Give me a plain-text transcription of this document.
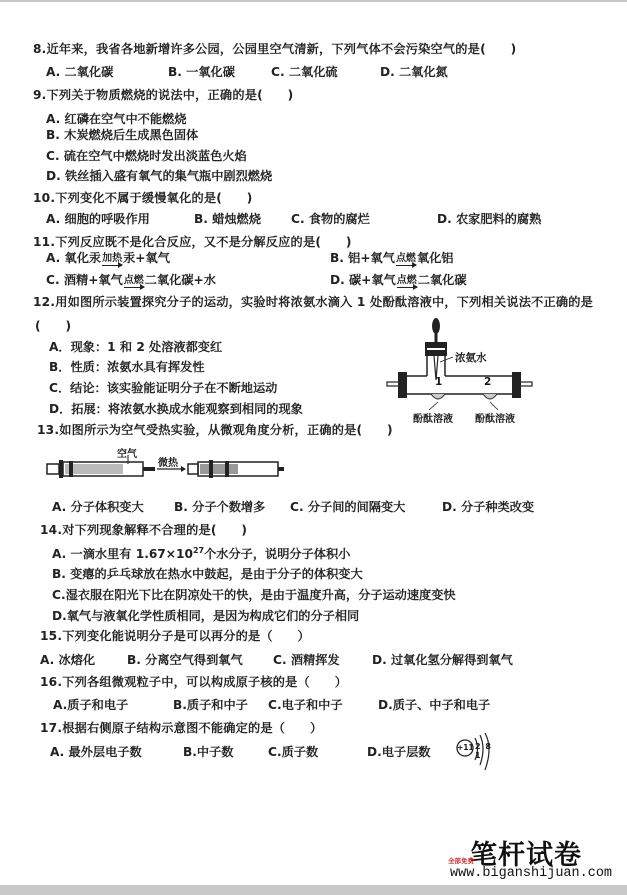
8.近年来，我省各地新增许多公园，公园里空气清新，下列气体不会污染空气的是(　　)
A. 二氧化碳	B. 一氧化碳	C. 二氧化硫	D. 二氧化氮
9.下列关于物质燃烧的说法中，正确的是(　　)
A. 红磷在空气中不能燃烧
B. 木炭燃烧后生成黑色固体
C. 硫在空气中燃烧时发出淡蓝色火焰
D. 铁丝插入盛有氧气的集气瓶中剧烈燃烧
10.下列变化不属于缓慢氧化的是(　　)
A. 细胞的呼吸作用	B. 蜡烛燃烧 C. 食物的腐烂	D. 农家肥料的腐熟
11.下列反应既不是化合反应，又不是分解反应的是(　　)
A. 氧化汞 加热 汞+氧气	B. 铝+氧气 点燃 氧化铝
C. 酒精+氧气 点燃 二氧化碳+水	D. 碳+氧气 点燃 二氧化碳
12.用如图所示装置探究分子的运动，实验时将浓氨水滴入 1 处酚酞溶液中，下列相关说法不正确的是
(　　)
A．现象：1 和 2 处溶液都变红
B．性质：浓氨水具有挥发性
C．结论：该实验能证明分子在不断地运动
D．拓展：将浓氨水换成水能观察到相同的现象
浓氨水
1	2
酚酞溶液 酚酞溶液
13.如图所示为空气受热实验，从微观角度分析，正确的是(　　)
空气
微热
A. 分子体积变大 B. 分子个数增多 C. 分子间的间隔变大	D. 分子种类改变
14.对下列现象解释不合理的是(　　)
A. 一滴水里有 $1.67\times 10^{27}$个水分子，说明分子体积小
B. 变瘪的乒乓球放在热水中鼓起，是由于分子的体积变大
C.湿衣服在阳光下比在阴凉处干的快，是由于温度升高，分子运动速度变快
D.氧气与液氧化学性质相同，是因为构成它们的分子相同
15.下列变化能说明分子是可以再分的是（　　）
A. 冰熔化	B. 分离空气得到氧气 C. 酒精挥发	D. 过氧化氢分解得到氧气
16.下列各组微观粒子中，可以构成原子核的是（　　）
A.质子和电子	B.质子和中子 C.电子和中子	D.质子、中子和电子
17.根据右侧原子结构示意图不能确定的是（　　）
A. 最外层电子数	B.中子数	C.质子数	D.电子层数	+11 2 8 1
笔杆试卷
全部免费
www.biganshijuan.com
